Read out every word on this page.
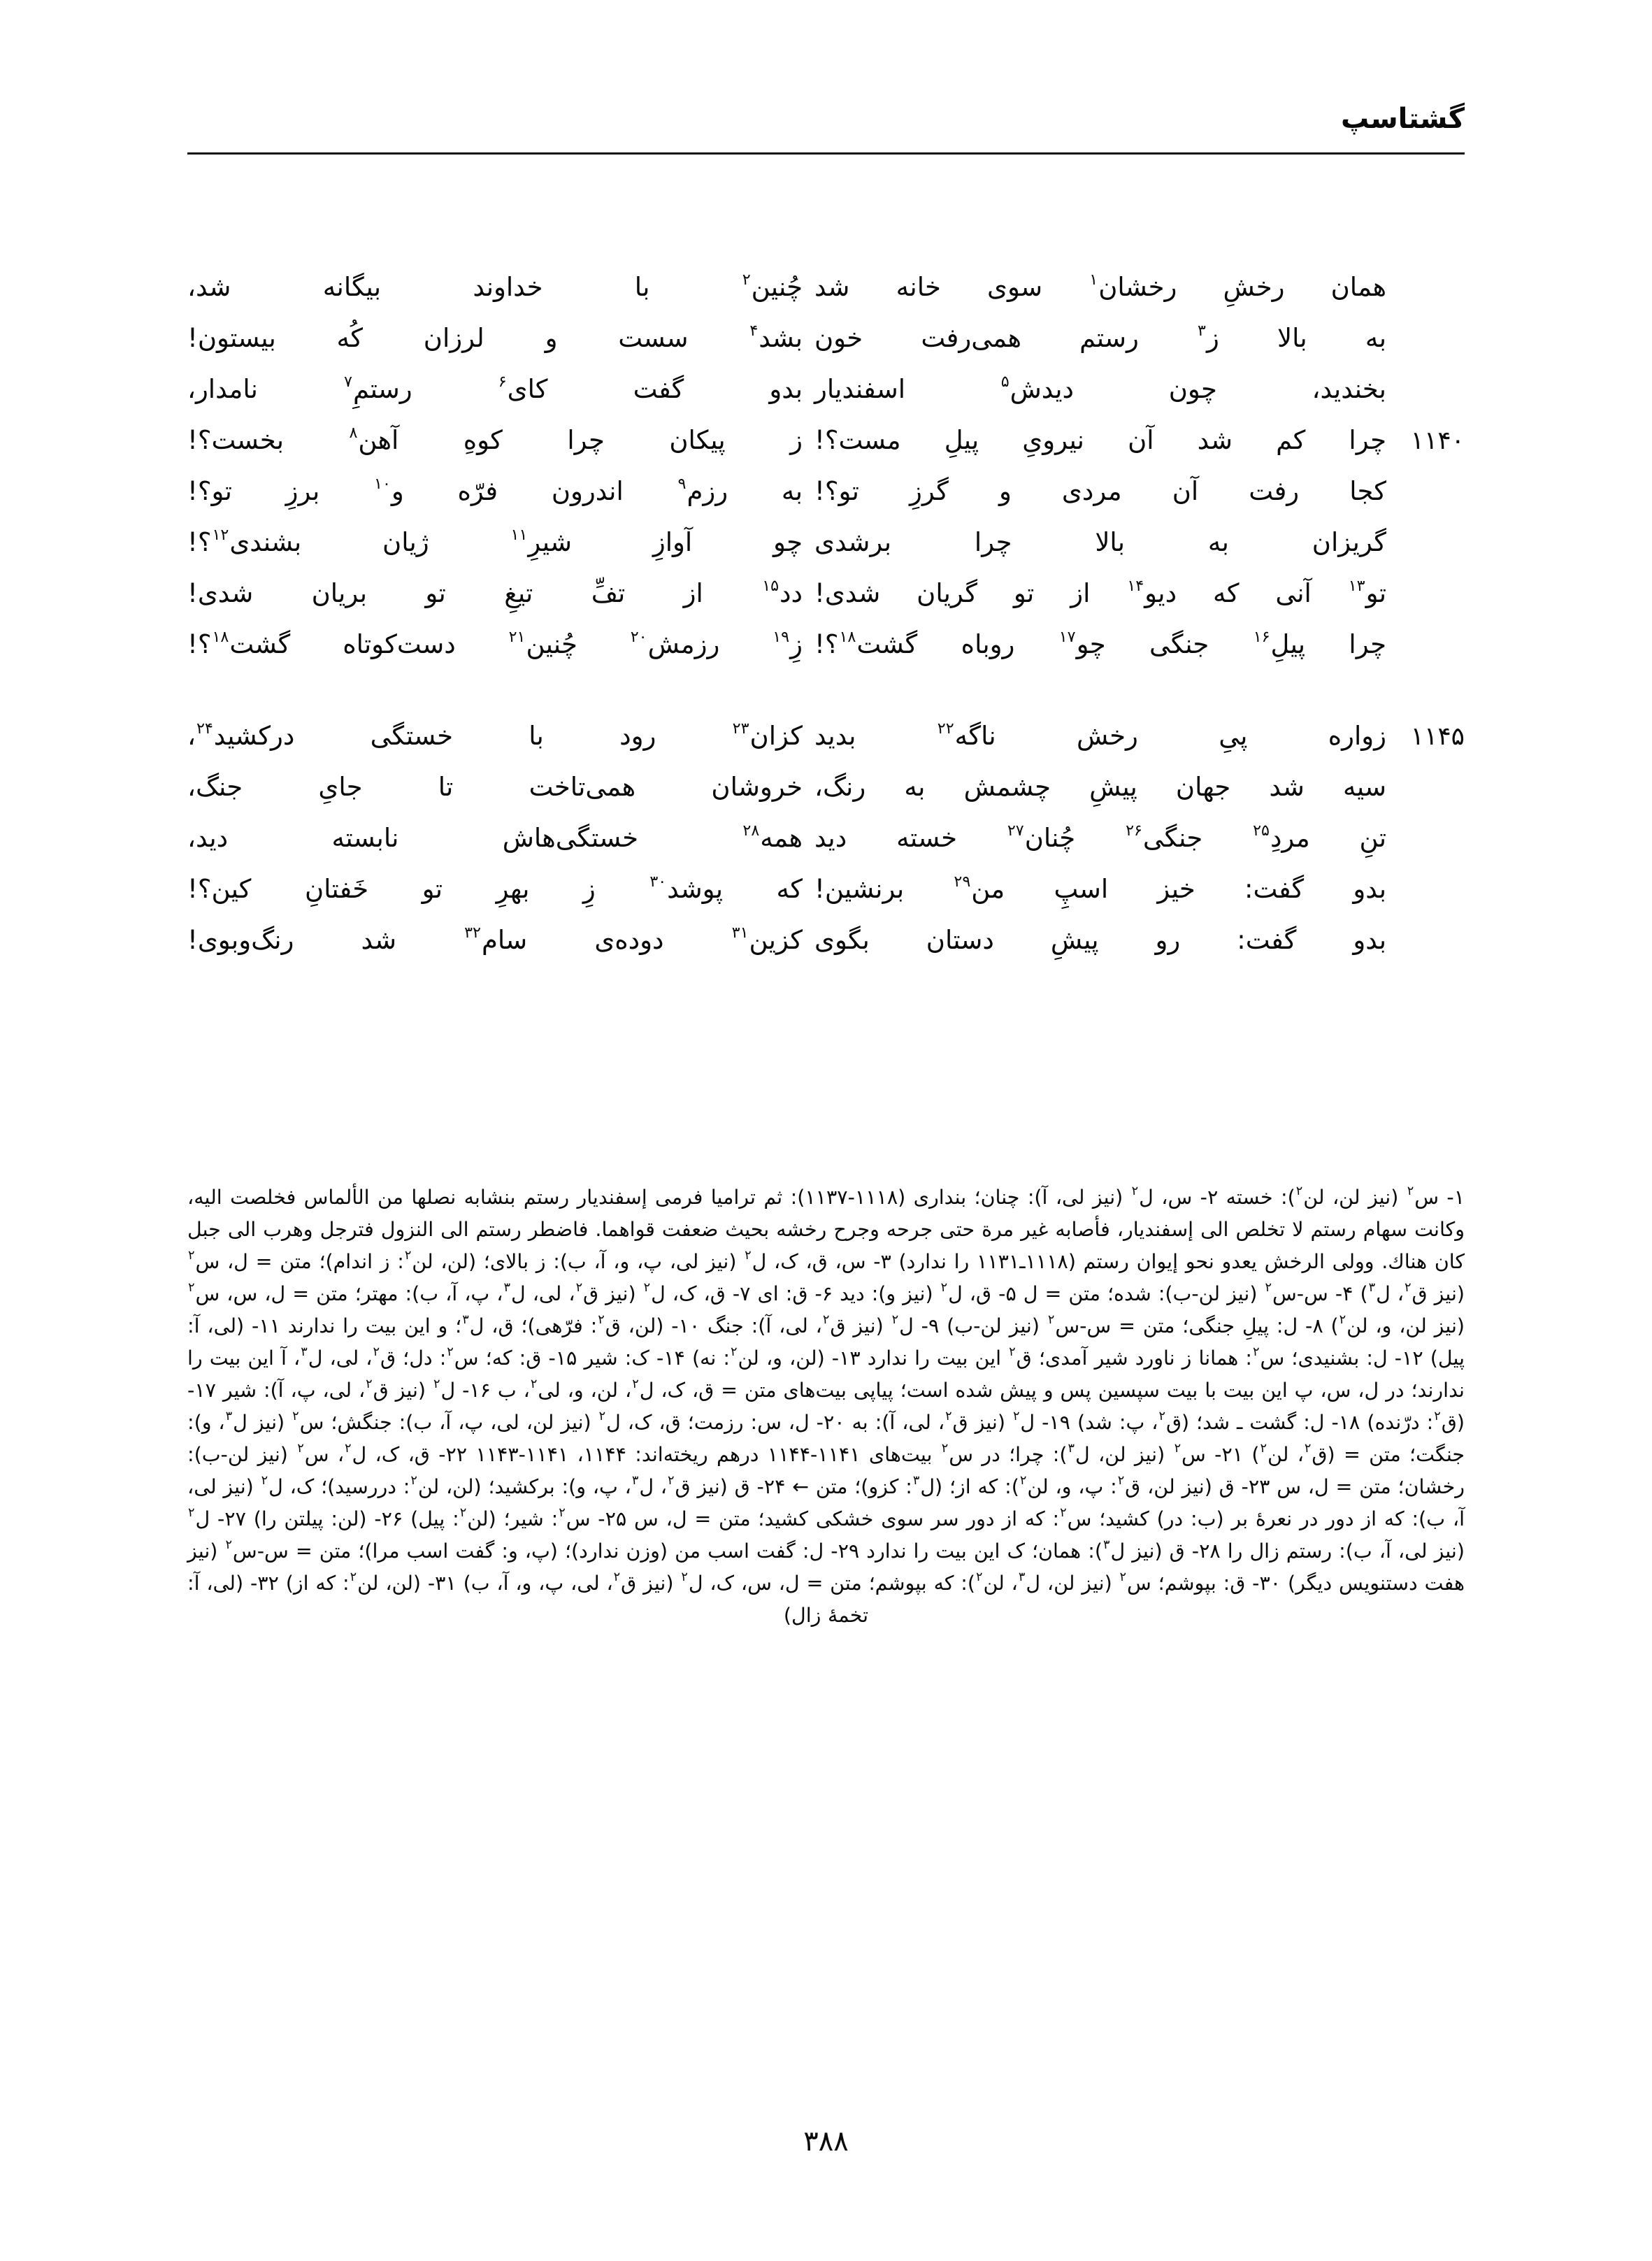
گشتاسپ
همان رخشِ رخشان$^۱$ سوی خانه شد
به بالا ز$^۳$ رستم همی‌رفت خون
بخندید، چون دیدش$^۵$ اسفندیار
۱۱۴۰
چرا کم شد آن نیرویِ پیلِ مست؟!
کجا رفت آن مردی و گرزِ تو؟!
گریزان به بالا چرا برشدی
تو$^{۱۳}$ آنی که دیو$^{۱۴}$ از تو گریان شدی!
چرا پیلِ$^{۱۶}$ جنگی چو$^{۱۷}$ روباه گشت$^{۱۸}$؟!
۱۱۴۵
زواره پیِ رخش ناگه$^{۲۲}$ بدید
سیه شد جهان پیشِ چشمش به رنگ،
تنِ مردِ$^{۲۵}$ جنگی$^{۲۶}$ چُنان$^{۲۷}$ خسته دید
بدو گفت: خیز اسپِ من$^{۲۹}$ برنشین!
بدو گفت: رو پیشِ دستان بگوی
چُنین$^۲$ با خداوند بیگانه شد،
بشد$^۴$ سست و لرزان کُه بیستون!
بدو گفت کای$^۶$ رستمِ$^۷$ نامدار،
ز پیکان چرا کوهِ آهن$^۸$ بخست؟!
به رزم$^۹$ اندرون فرّه و$^{۱۰}$ برزِ تو؟!
چو آوازِ شیرِ$^{۱۱}$ ژیان بشندی$^{۱۲}$؟!
دد$^{۱۵}$ از تفِّ تیغِ تو بریان شدی!
زِ$^{۱۹}$ رزمش$^{۲۰}$ چُنین$^{۲۱}$ دست‌کوتاه گشت$^{۱۸}$؟!
کزان$^{۲۳}$ رود با خستگی درکشید$^{۲۴}$،
خروشان همی‌تاخت تا جایِ جنگ،
همه$^{۲۸}$ خستگی‌هاش نابسته دید،
که پوشد$^{۳۰}$ زِ بهرِ تو خَفتانِ کین؟!
کزین$^{۳۱}$ دوده‌ی سام$^{۳۲}$ شد رنگ‌وبوی!

۱- س$^۲$ (نیز لن، لن$^۲$): خسته ۲- س، ل$^۲$ (نیز لی، آ): چنان؛ بنداری (۱۱۱۸-۱۱۳۷): ثم ترامیا فرمی إسفندیار رستم بنشابه نصلها من الألماس فخلصت الیه، وکانت سهام رستم لا تخلص الی إسفندیار، فأصابه غیر مرة حتی جرحه وجرح رخشه بحیث ضعفت قواهما. فاضطر رستم الی النزول فترجل وهرب الی جبل کان هناك. وولی الرخش یعدو نحو إیوان رستم (۱۱۱۸ـ۱۱۳۱ را ندارد) ۳- س، ق، ک، ل$^۲$ (نیز لی، پ، و، آ، ب): ز بالای؛ (لن، لن$^۲$: ز اندام)؛ متن = ل، س$^۲$ (نیز ق$^۲$، ل$^۳$) ۴- س-س$^۲$ (نیز لن-ب): شده؛ متن = ل ۵- ق، ل$^۲$ (نیز و): دید ۶- ق: ای ۷- ق، ک، ل$^۲$ (نیز ق$^۲$، لی، ل$^۳$، پ، آ، ب): مهتر؛ متن = ل، س، س$^۲$ (نیز لن، و، لن$^۲$) ۸- ل: پیلِ جنگی؛ متن = س-س$^۲$ (نیز لن-ب) ۹- ل$^۲$ (نیز ق$^۲$، لی، آ): جنگ ۱۰- (لن، ق$^۲$: فرّهی)؛ ق، ل$^۳$؛ و این بیت را ندارند ۱۱- (لی، آ: پیل) ۱۲- ل: بشنیدی؛ س$^۲$: همانا ز ناورد شیر آمدی؛ ق$^۲$ این بیت را ندارد ۱۳- (لن، و، لن$^۲$: نه) ۱۴- ک: شیر ۱۵- ق: که؛ س$^۲$: دل؛ ق$^۲$، لی، ل$^۳$، آ این بیت را ندارند؛ در ل، س، پ این بیت با بیت سپسین پس و پیش شده است؛ پیاپی بیت‌های متن = ق، ک، ل$^۲$، لن، و، لی$^۲$، ب ۱۶- ل$^۲$ (نیز ق$^۲$، لی، پ، آ): شیر ۱۷- (ق$^۲$: درّنده) ۱۸- ل: گشت ـ شد؛ (ق$^۲$، پ: شد) ۱۹- ل$^۲$ (نیز ق$^۲$، لی، آ): به ۲۰- ل، س: رزمت؛ ق، ک، ل$^۲$ (نیز لن، لی، پ، آ، ب): جنگش؛ س$^۲$ (نیز ل$^۳$، و): جنگت؛ متن = (ق$^۲$، لن$^۲$) ۲۱- س$^۲$ (نیز لن، ل$^۳$): چرا؛ در س$^۲$ بیت‌های ۱۱۴۱-۱۱۴۴ درهم ریخته‌اند: ۱۱۴۴، ۱۱۴۱-۱۱۴۳ ۲۲- ق، ک، ل$^۲$، س$^۲$ (نیز لن-ب): رخشان؛ متن = ل، س ۲۳- ق (نیز لن، ق$^۲$: پ، و، لن$^۲$): که از؛ (ل$^۳$: کزو)؛ متن ← ۲۴- ق (نیز ق$^۲$، ل$^۳$، پ، و): برکشید؛ (لن، لن$^۲$: دررسید)؛ ک، ل$^۲$ (نیز لی، آ، ب): که از دور در نعرهٔ بر (ب: در) کشید؛ س$^۲$: که از دور سر سوی خشکی کشید؛ متن = ل، س ۲۵- س$^۲$: شیر؛ (لن$^۲$: پیل) ۲۶- (لن: پیلتن را) ۲۷- ل$^۲$ (نیز لی، آ، ب): رستم زال را ۲۸- ق (نیز ل$^۳$): همان؛ ک این بیت را ندارد ۲۹- ل: گفت اسب من (وزن ندارد)؛ (پ، و: گفت اسب مرا)؛ متن = س-س$^۲$ (نیز هفت دستنویس دیگر) ۳۰- ق: بپوشم؛ س$^۲$ (نیز لن، ل$^۳$، لن$^۲$): که بپوشم؛ متن = ل، س، ک، ل$^۲$ (نیز ق$^۲$، لی، پ، و، آ، ب) ۳۱- (لن، لن$^۲$: که از) ۳۲- (لی، آ: تخمهٔ زال)

۳۸۸
